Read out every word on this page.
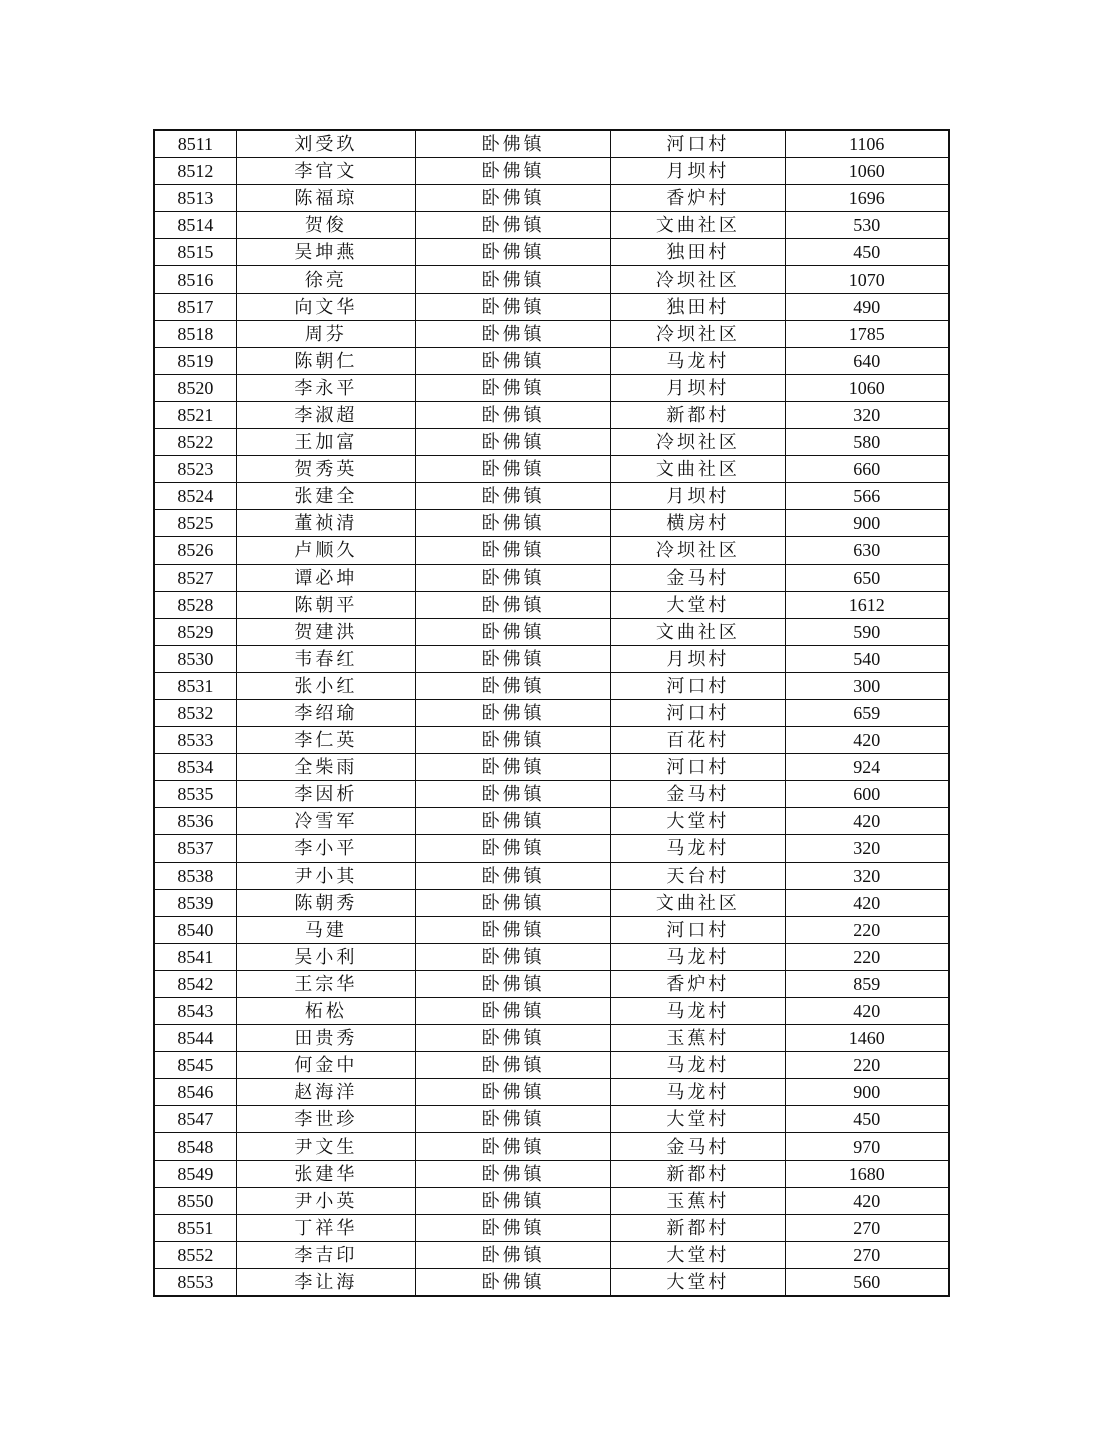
8511	刘受玖	卧佛镇	河口村	1106
8512	李官文	卧佛镇	月坝村	1060
8513	陈福琼	卧佛镇	香炉村	1696
8514	贺俊	卧佛镇	文曲社区	530
8515	吴坤燕	卧佛镇	独田村	450
8516	徐亮	卧佛镇	冷坝社区	1070
8517	向文华	卧佛镇	独田村	490
8518	周芬	卧佛镇	冷坝社区	1785
8519	陈朝仁	卧佛镇	马龙村	640
8520	李永平	卧佛镇	月坝村	1060
8521	李淑超	卧佛镇	新都村	320
8522	王加富	卧佛镇	冷坝社区	580
8523	贺秀英	卧佛镇	文曲社区	660
8524	张建全	卧佛镇	月坝村	566
8525	董祯清	卧佛镇	横房村	900
8526	卢顺久	卧佛镇	冷坝社区	630
8527	谭必坤	卧佛镇	金马村	650
8528	陈朝平	卧佛镇	大堂村	1612
8529	贺建洪	卧佛镇	文曲社区	590
8530	韦春红	卧佛镇	月坝村	540
8531	张小红	卧佛镇	河口村	300
8532	李绍瑜	卧佛镇	河口村	659
8533	李仁英	卧佛镇	百花村	420
8534	全柴雨	卧佛镇	河口村	924
8535	李因析	卧佛镇	金马村	600
8536	冷雪军	卧佛镇	大堂村	420
8537	李小平	卧佛镇	马龙村	320
8538	尹小其	卧佛镇	天台村	320
8539	陈朝秀	卧佛镇	文曲社区	420
8540	马建	卧佛镇	河口村	220
8541	吴小利	卧佛镇	马龙村	220
8542	王宗华	卧佛镇	香炉村	859
8543	柘松	卧佛镇	马龙村	420
8544	田贵秀	卧佛镇	玉蕉村	1460
8545	何金中	卧佛镇	马龙村	220
8546	赵海洋	卧佛镇	马龙村	900
8547	李世珍	卧佛镇	大堂村	450
8548	尹文生	卧佛镇	金马村	970
8549	张建华	卧佛镇	新都村	1680
8550	尹小英	卧佛镇	玉蕉村	420
8551	丁祥华	卧佛镇	新都村	270
8552	李吉印	卧佛镇	大堂村	270
8553	李让海	卧佛镇	大堂村	560
